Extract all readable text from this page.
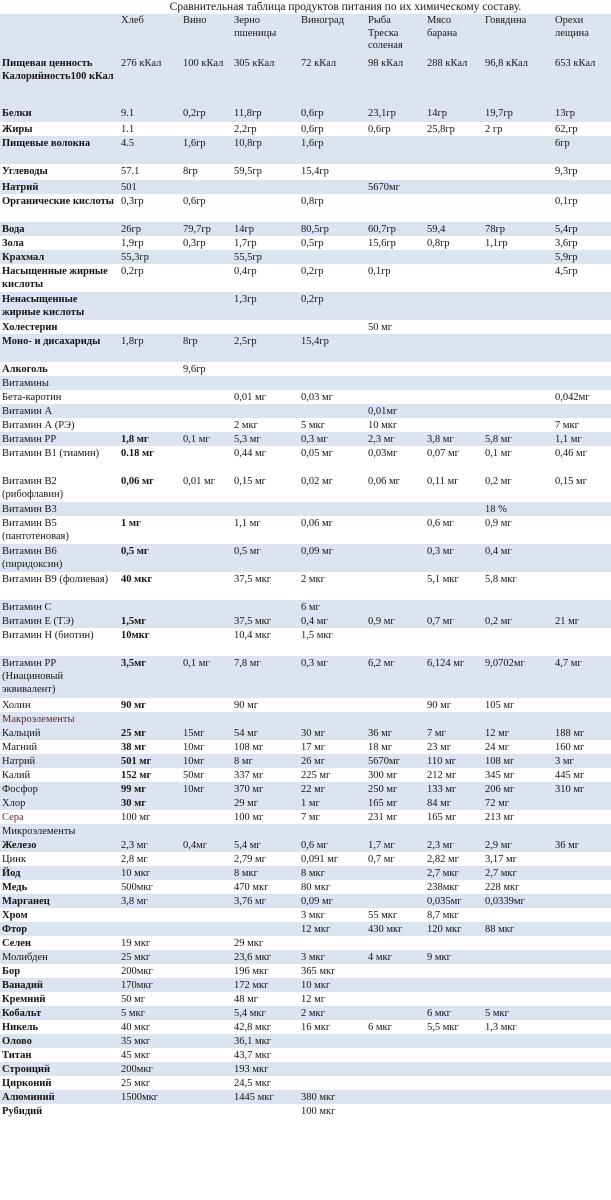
Сравнительная таблица продуктов питания по их химическому составу.
	Хлеб	Вино	Зерно пшеницы	Виноград	Рыба Треска соленая	Мясо барана	Говядина	Орехи лещина
Пищевая ценность Калорийность100 кКал	276 кКал	100 кКал	305 кКал	72 кКал	98 кКал	288 кКал	96,8 кКал	653 кКал
Белки	9.1	0,2гр	11,8гр	0,6гр	23,1гр	14гр	19,7гр	13гр
Жиры	1.1		2,2гр	0,6гр	0,6гр	25,8гр	2 гр	62,гр
Пищевые волокна	4.5	1,6гр	10,8гр	1,6гр				6гр
Углеводы	57.1	8гр	59,5гр	15,4гр				9,3гр
Натрий	501				5670мг			
Органические кислоты	0,3гр	0,6гр		0,8гр				0,1гр
Вода	26гр	79,7гр	14гр	80,5гр	60,7гр	59,4	78гр	5,4гр
Зола	1,9гр	0,3гр	1,7гр	0,5гр	15,6гр	0,8гр	1,1гр	3,6гр
Крахмал	55,3гр		55,5гр					5,9гр
Насыщенные жирные кислоты	0,2гр		0,4гр	0,2гр	0,1гр			4,5гр
Ненасыщенные жирные кислоты			1,3гр	0,2гр				
Холестерин					50 мг			
Моно- и дисахариды	1,8гр	8гр	2,5гр	15,4гр				
Алкоголь		9,6гр						
Витамины								
Бета-каротин			0,01 мг	0,03 мг				0,042мг
Витамин А					0,01мг			
Витамин А (РЭ)			2 мкг	5 мкг	10 мкг			7 мкг
Витамин РР	1,8 мг	0,1 мг	5,3 мг	0,3 мг	2,3 мг	3,8 мг	5,8 мг	1,1 мг
Витамин В1 (тиамин)	0.18 мг		0,44 мг	0,05 мг	0,03мг	0,07 мг	0,1 мг	0,46 мг
Витамин В2 (рибофлавин)	0,06 мг	0,01 мг	0,15 мг	0,02 мг	0,06 мг	0,11 мг	0,2 мг	0,15 мг
Витамин В3							18 %	
Витамин В5 (пантотеновая)	1 мг		1,1 мг	0,06 мг		0,6 мг	0,9 мг	
Витамин В6 (пиридоксин)	0,5 мг		0,5 мг	0,09 мг		0,3 мг	0,4 мг	
Витамин В9 (фолиевая)	40 мкг		37,5 мкг	2 мкг		5,1 мкг	5,8 мкг	
Витамин С				6 мг				
Витамин Е (ТЭ)	1,5мг		37,5 мкг	0,4 мг	0,9 мг	0,7 мг	0,2 мг	21 мг
Витамин Н (биотин)	10мкг		10,4 мкг	1,5 мкг				
Витамин РР (Ниациновый эквивалент)	3,5мг	0,1 мг	7,8 мг	0,3 мг	6,2 мг	6,124 мг	9,0702мг	4,7 мг
Холин	90 мг		90 мг			90 мг	105 мг	
Макроэлементы								
Кальций	25 мг	15мг	54 мг	30 мг	36 мг	7 мг	12 мг	188 мг
Магний	38 мг	10мг	108 мг	17 мг	18 мг	23 мг	24 мг	160 мг
Натрий	501 мг	10мг	8 мг	26 мг	5670мг	110 мг	108 мг	3 мг
Калий	152 мг	50мг	337 мг	225 мг	300 мг	212 мг	345 мг	445 мг
Фосфор	99 мг	10мг	370 мг	22 мг	250 мг	133 мг	206 мг	310 мг
Хлор	30 мг		29 мг	1 мг	165 мг	84 мг	72 мг	
Сера	100 мг		100 мг	7 мг	231 мг	165 мг	213 мг	
Микроэлементы								
Железо	2,3 мг	0,4мг	5,4 мг	0,6 мг	1,7 мг	2,3 мг	2,9 мг	36 мг
Цинк	2,8 мг		2,79 мг	0,091 мг	0,7 мг	2,82 мг	3,17 мг	
Йод	10 мкг		8 мкг	8 мкг		2,7 мкг	2,7 мкг	
Медь	500мкг		470 мкг	80 мкг		238мкг	228 мкг	
Марганец	3,8 мг		3,76 мг	0,09 мг		0,035мг	0,0339мг	
Хром				3 мкг	55 мкг	8,7 мкг		
Фтор				12 мкг	430 мкг	120 мкг	88 мкг	
Селен	19 мкг		29 мкг					
Молибден	25 мкг		23,6 мкг	3 мкг	4 мкг	9 мкг		
Бор	200мкг		196 мкг	365 мкг				
Ванадий	170мкг		172 мкг	10 мкг				
Кремний	50 мг		48 мг	12 мг				
Кобальт	5 мкг		5,4 мкг	2 мкг		6 мкг	5 мкг	
Никель	40 мкг		42,8 мкг	16 мкг	6 мкг	5,5 мкг	1,3 мкг	
Олово	35 мкг		36,1 мкг					
Титан	45 мкг		43,7 мкг					
Стронций	200мкг		193 мкг					
Цирконий	25 мкг		24,5 мкг					
Алюминий	1500мкг		1445 мкг	380 мкг				
Рубидий				100 мкг				
